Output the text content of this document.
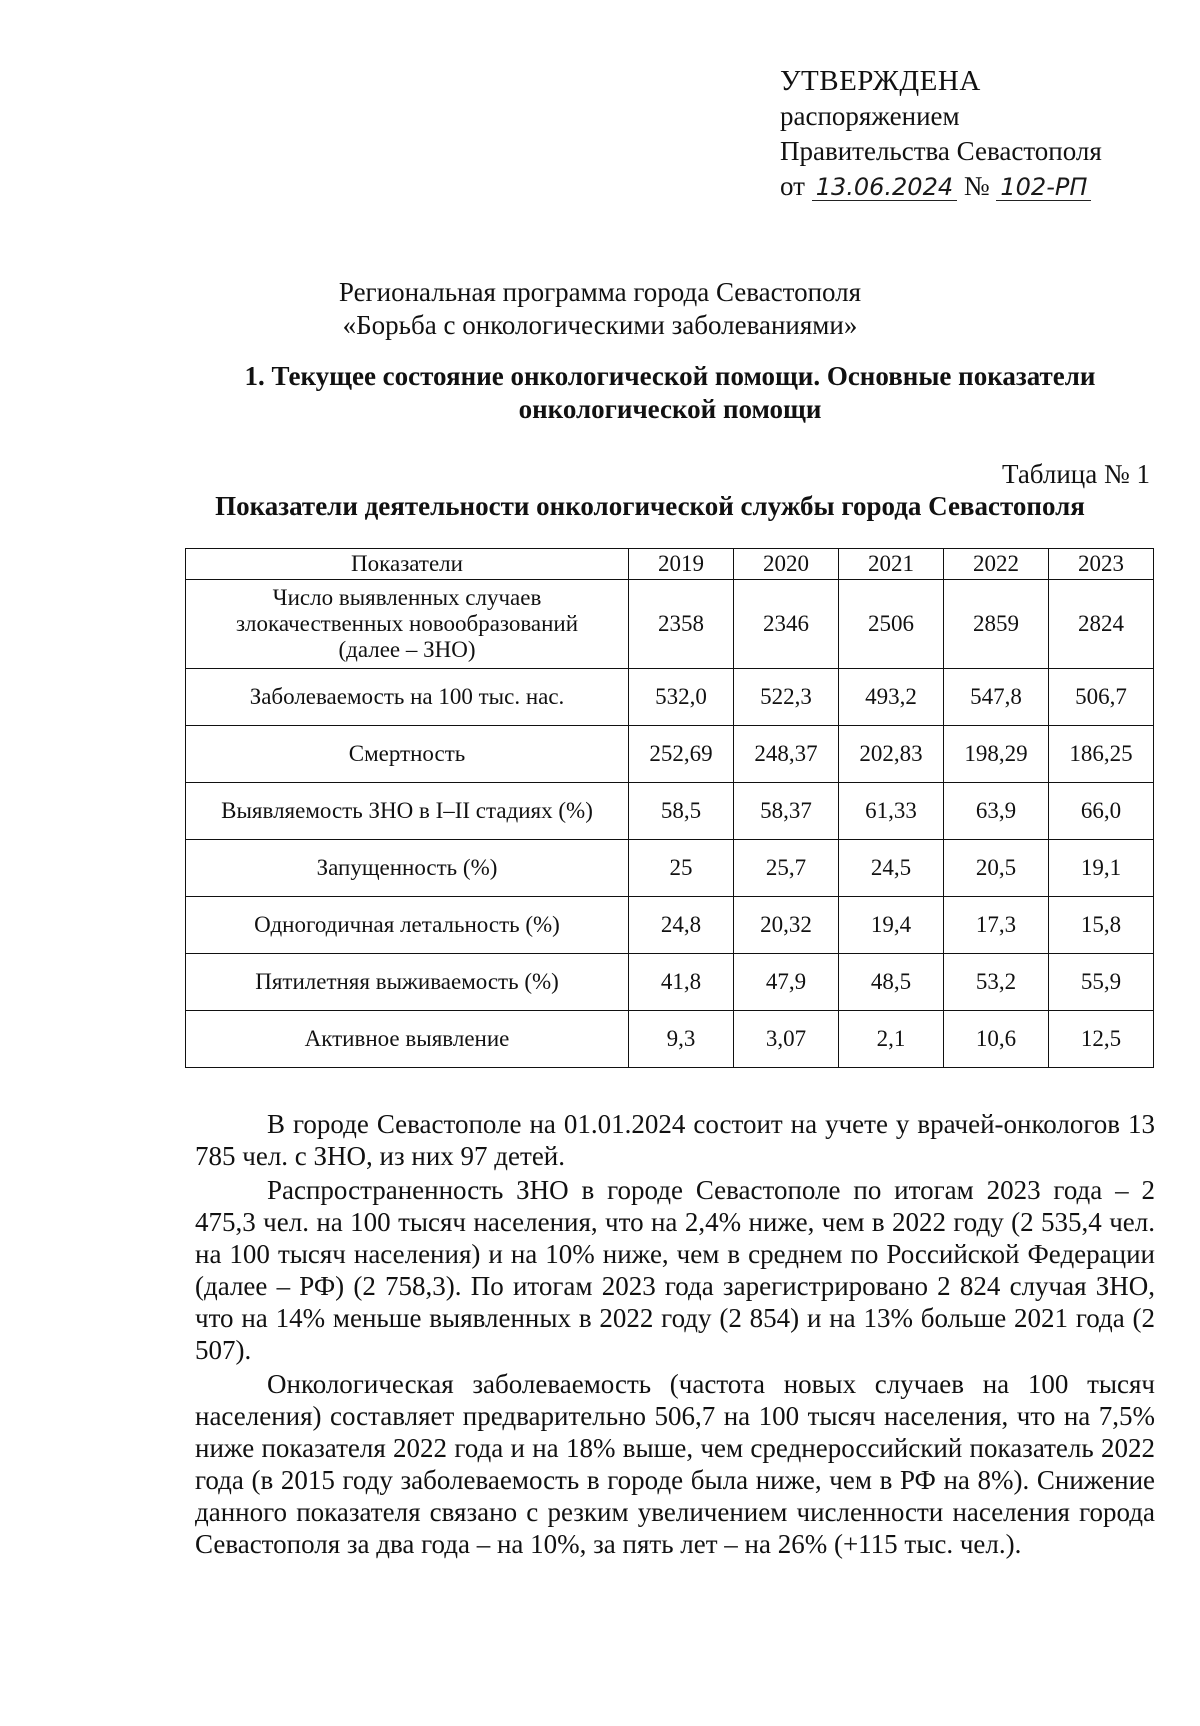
УТВЕРЖДЕНА
распоряжением
Правительства Севастополя
от 13.06.2024 № 102-РП
Региональная программа города Севастополя
«Борьба с онкологическими заболеваниями»
1. Текущее состояние онкологической помощи. Основные показатели
онкологической помощи
Таблица № 1
Показатели деятельности онкологической службы города Севастополя
Показатели	2019	2020	2021	2022	2023

Число выявленных случаев
злокачественных новообразований
(далее – ЗНО)	2358	2346	2506	2859	2824
Заболеваемость на 100 тыс. нас.	532,0	522,3	493,2	547,8	506,7
Смертность	252,69	248,37	202,83	198,29	186,25
Выявляемость ЗНО в I–II стадиях (%)	58,5	58,37	61,33	63,9	66,0
Запущенность (%)	25	25,7	24,5	20,5	19,1
Одногодичная летальность (%)	24,8	20,32	19,4	17,3	15,8
Пятилетняя выживаемость (%)	41,8	47,9	48,5	53,2	55,9
Активное выявление	9,3	3,07	2,1	10,6	12,5

В городе Севастополе на 01.01.2024 состоит на учете у врачей-онкологов 13 785 чел. с ЗНО, из них 97 детей.

Распространенность ЗНО в городе Севастополе по итогам 2023 года – 2 475,3 чел. на 100 тысяч населения, что на 2,4% ниже, чем в 2022 году (2 535,4 чел. на 100 тысяч населения) и на 10% ниже, чем в среднем по Российской Федерации (далее – РФ) (2 758,3). По итогам 2023 года зарегистрировано 2 824 случая ЗНО, что на 14% меньше выявленных в 2022 году (2 854) и на 13% больше 2021 года (2 507).

Онкологическая заболеваемость (частота новых случаев на 100 тысяч населения) составляет предварительно 506,7 на 100 тысяч населения, что на 7,5% ниже показателя 2022 года и на 18% выше, чем среднероссийский показатель 2022 года (в 2015 году заболеваемость в городе была ниже, чем в РФ на 8%). Снижение данного показателя связано с резким увеличением численности населения города Севастополя за два года – на 10%, за пять лет – на 26% (+115 тыс. чел.).
